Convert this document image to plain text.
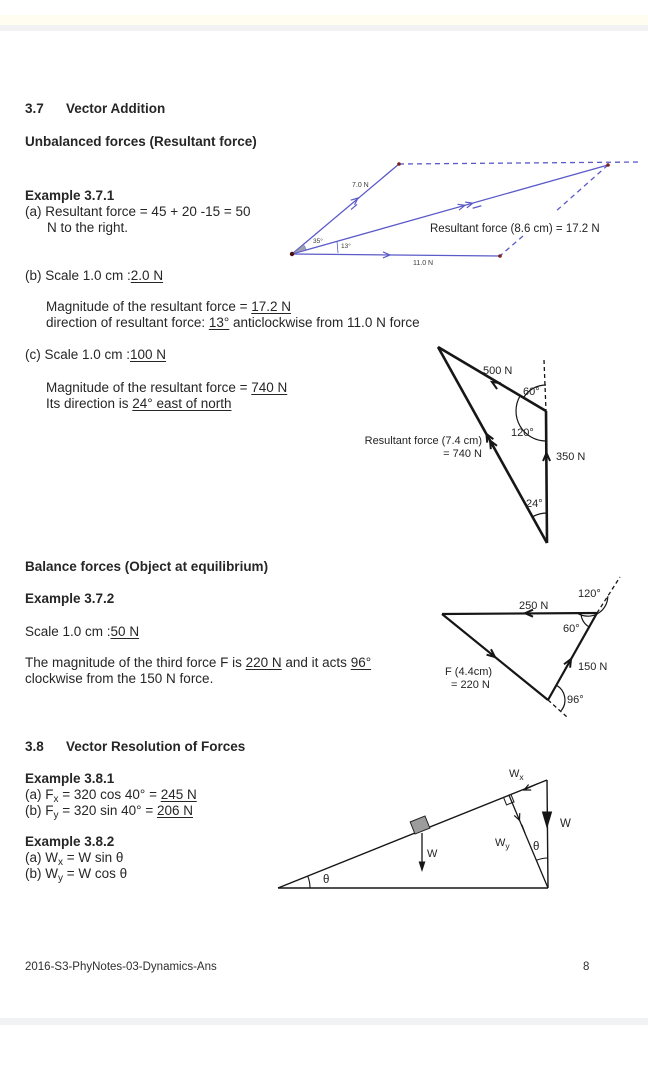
3.7 Vector Addition
Unbalanced forces (Resultant force)
Example 3.7.1
(a) Resultant force = 45 + 20 -15 = 50
N to the right.
(b) Scale 1.0 cm :2.0 N
Magnitude of the resultant force = 17.2 N
direction of resultant force: 13° anticlockwise from 11.0 N force
(c) Scale 1.0 cm :100 N
Magnitude of the resultant force = 740 N
Its direction is 24° east of north
Balance forces (Object at equilibrium)
Example 3.7.2
Scale 1.0 cm :50 N
The magnitude of the third force F is 220 N and it acts 96°
clockwise from the 150 N force.
3.8 Vector Resolution of Forces
Example 3.8.1
(a) $F_x = 320$ cos 40° = 245 N
(b) $F_y = 320$ sin 40° = 206 N
Example 3.8.2
(a) $W_x = W$ sin θ
(b) $W_y = W$ cos θ
7.0 N
11.0 N
35°
13°
Resultant force (8.6 cm) = 17.2 N
500 N
60°
120°
350 N
24°
Resultant force (7.4 cm)
= 740 N
250 N
120°
60°
150 N
F (4.4cm)
= 220 N
96°
θ
W
W
$W_x$
$W_y$ θ
2016-S3-PhyNotes-03-Dynamics-Ans	8
